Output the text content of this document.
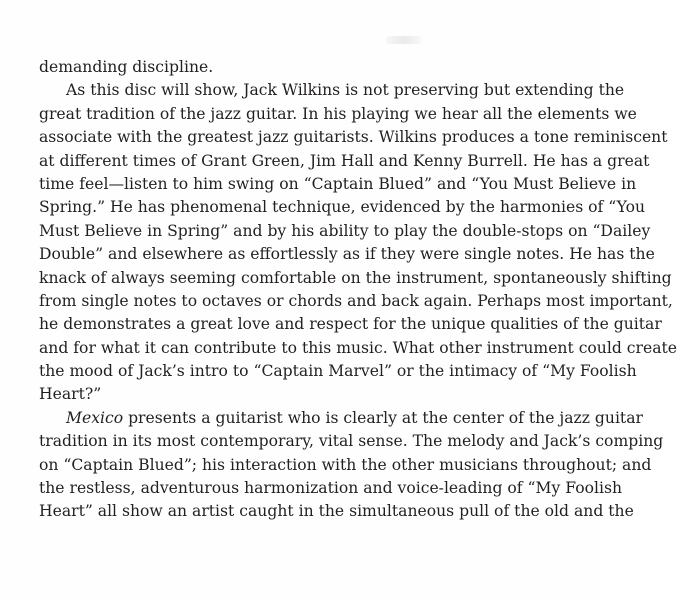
demanding discipline.
As this disc will show, Jack Wilkins is not preserving but extending the
great tradition of the jazz guitar. In his playing we hear all the elements we
associate with the greatest jazz guitarists. Wilkins produces a tone reminiscent
at different times of Grant Green, Jim Hall and Kenny Burrell. He has a great
time feel—listen to him swing on “Captain Blued” and “You Must Believe in
Spring.” He has phenomenal technique, evidenced by the harmonies of “You
Must Believe in Spring” and by his ability to play the double-stops on “Dailey
Double” and elsewhere as effortlessly as if they were single notes. He has the
knack of always seeming comfortable on the instrument, spontaneously shifting
from single notes to octaves or chords and back again. Perhaps most important,
he demonstrates a great love and respect for the unique qualities of the guitar
and for what it can contribute to this music. What other instrument could create
the mood of Jack’s intro to “Captain Marvel” or the intimacy of “My Foolish
Heart?”
Mexico presents a guitarist who is clearly at the center of the jazz guitar
tradition in its most contemporary, vital sense. The melody and Jack’s comping
on “Captain Blued”; his interaction with the other musicians throughout; and
the restless, adventurous harmonization and voice-leading of “My Foolish
Heart” all show an artist caught in the simultaneous pull of the old and the
